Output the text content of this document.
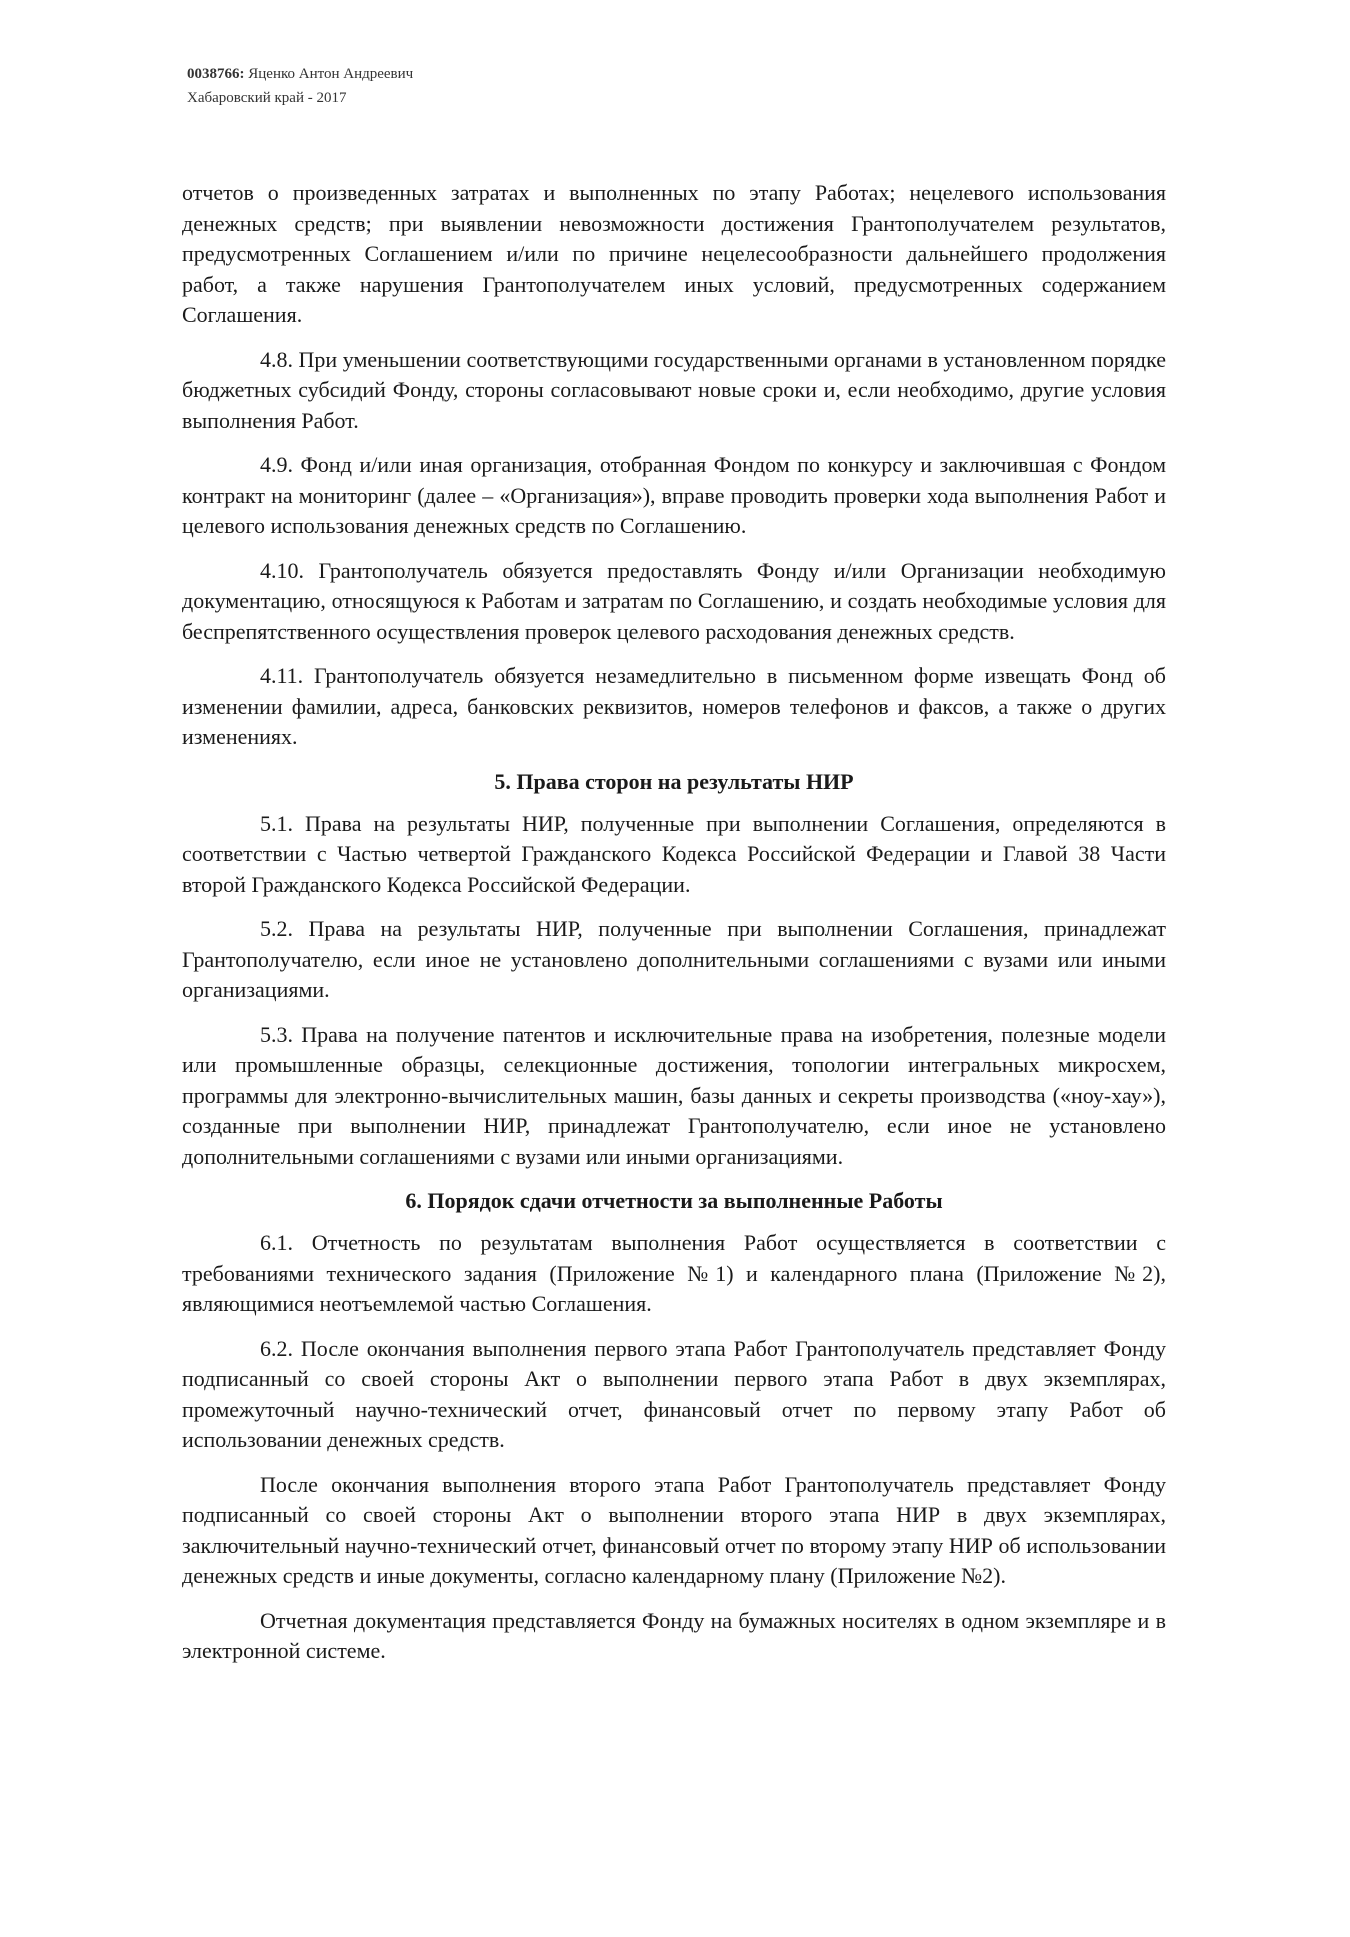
0038766: Яценко Антон Андреевич
Хабаровский край - 2017

отчетов о произведенных затратах и выполненных по этапу Работах; нецелевого использования денежных средств; при выявлении невозможности достижения Грантополучателем результатов, предусмотренных Соглашением и/или по причине нецелесообразности дальнейшего продолжения работ, а также нарушения Грантополучателем иных условий, предусмотренных содержанием Соглашения.

4.8. При уменьшении соответствующими государственными органами в установленном порядке бюджетных субсидий Фонду, стороны согласовывают новые сроки и, если необходимо, другие условия выполнения Работ.

4.9. Фонд и/или иная организация, отобранная Фондом по конкурсу и заключившая с Фондом контракт на мониторинг (далее – «Организация»), вправе проводить проверки хода выполнения Работ и целевого использования денежных средств по Соглашению.

4.10. Грантополучатель обязуется предоставлять Фонду и/или Организации необходимую документацию, относящуюся к Работам и затратам по Соглашению, и создать необходимые условия для беспрепятственного осуществления проверок целевого расходования денежных средств.

4.11. Грантополучатель обязуется незамедлительно в письменном форме извещать Фонд об изменении фамилии, адреса, банковских реквизитов, номеров телефонов и факсов, а также о других изменениях.

5. Права сторон на результаты НИР

5.1. Права на результаты НИР, полученные при выполнении Соглашения, определяются в соответствии с Частью четвертой Гражданского Кодекса Российской Федерации и Главой 38 Части второй Гражданского Кодекса Российской Федерации.

5.2. Права на результаты НИР, полученные при выполнении Соглашения, принадлежат Грантополучателю, если иное не установлено дополнительными соглашениями с вузами или иными организациями.

5.3. Права на получение патентов и исключительные права на изобретения, полезные модели или промышленные образцы, селекционные достижения, топологии интегральных микросхем, программы для электронно-вычислительных машин, базы данных и секреты производства («ноу-хау»), созданные при выполнении НИР, принадлежат Грантополучателю, если иное не установлено дополнительными соглашениями с вузами или иными организациями.

6. Порядок сдачи отчетности за выполненные Работы

6.1. Отчетность по результатам выполнения Работ осуществляется в соответствии с требованиями технического задания (Приложение №1) и календарного плана (Приложение №2), являющимися неотъемлемой частью Соглашения.

6.2. После окончания выполнения первого этапа Работ Грантополучатель представляет Фонду подписанный со своей стороны Акт о выполнении первого этапа Работ в двух экземплярах, промежуточный научно-технический отчет, финансовый отчет по первому этапу Работ об использовании денежных средств.

После окончания выполнения второго этапа Работ Грантополучатель представляет Фонду подписанный со своей стороны Акт о выполнении второго этапа НИР в двух экземплярах, заключительный научно-технический отчет, финансовый отчет по второму этапу НИР об использовании денежных средств и иные документы, согласно календарному плану (Приложение №2).

Отчетная документация представляется Фонду на бумажных носителях в одном экземпляре и в электронной системе.
